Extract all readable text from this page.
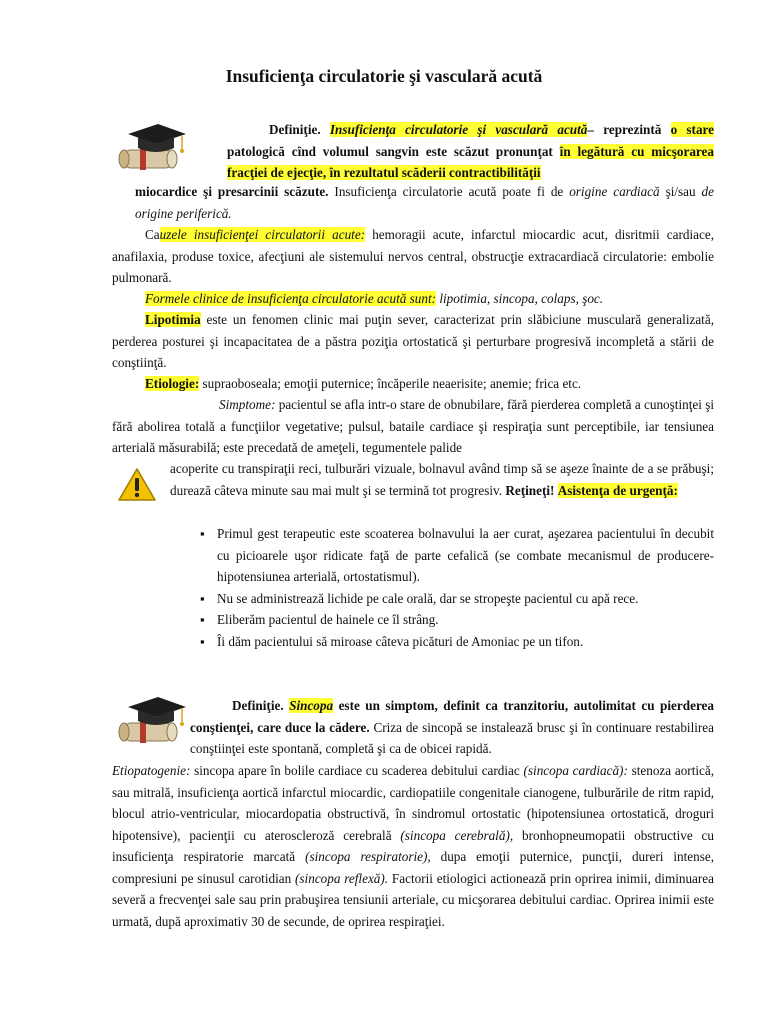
Insuficienţa circulatorie şi vasculară acută
Definiţie. Insuficienţa circulatorie şi vasculară acută– reprezintă o stare patologică cînd volumul sangvin este scăzut pronunţat în legătură cu micşorarea fracţiei de ejecţie, în rezultatul scăderii contractibilităţii
miocardice şi presarcinii scăzute. Insuficienţa circulatorie acută poate fi de origine cardiacă şi/sau de origine periferică.
Cauzele insuficienţei circulatorii acute: hemoragii acute, infarctul miocardic acut, disritmii cardiace, anafilaxia, produse toxice, afecţiuni ale sistemului nervos central, obstrucţie extracardiacă circulatorie: embolie pulmonară.
Formele clinice de insuficienţa circulatorie acută sunt: lipotimia, sincopa, colaps, şoc.
Lipotimia este un fenomen clinic mai puţin sever, caracterizat prin slăbiciune musculară generalizată, perderea posturei şi incapacitatea de a păstra poziţia ortostatică şi perturbare progresivă incompletă a stării de conştiinţă.
Etiologie: supraoboseala; emoţii puternice; încăperile neaerisite; anemie; frica etc.
Simptome: pacientul se afla intr-o stare de obnubilare, fără pierderea completă a cunoştinţei şi fără abolirea totală a funcţiilor vegetative; pulsul, bataile cardiace şi respiraţia sunt perceptibile, iar tensiunea arterială măsurabilă; este precedată de ameţeli, tegumentele palide
acoperite cu transpiraţii reci, tulburări vizuale, bolnavul având timp să se aşeze înainte de a se prăbuşi; durează câteva minute sau mai mult şi se termină tot progresiv. Reţineţi! Asistenţa de urgenţă:
▪ Primul gest terapeutic este scoaterea bolnavului la aer curat, aşezarea pacientului în decubit cu picioarele uşor ridicate faţă de parte cefalică (se combate mecanismul de producere- hipotensiunea arterială, ortostatismul).
▪ Nu se administrează lichide pe cale orală, dar se stropeşte pacientul cu apă rece.
▪ Eliberăm pacientul de hainele ce îl strâng.
▪ Îi dăm pacientului să miroase câteva picături de Amoniac pe un tifon.
Definiţie. Sincopa este un simptom, definit ca tranzitoriu, autolimitat cu pierderea conştienţei, care duce la cădere. Criza de sincopă se instalează brusc şi în continuare restabilirea conştiinţei este spontană, completă şi ca de obicei rapidă.
Etiopatogenie: sincopa apare în bolile cardiace cu scaderea debitului cardiac (sincopa cardiacă): stenoza aortică, sau mitrală, insuficienţa aortică infarctul miocardic, cardiopatiile congenitale cianogene, tulburările de ritm rapid, blocul atrio-ventricular, miocardopatia obstructivă, în sindromul ortostatic (hipotensiunea ortostatică, droguri hipotensive), pacienţii cu ateroscleroză cerebrală (sincopa cerebrală), bronhopneumopatii obstructive cu insuficienţa respiratorie marcată (sincopa respiratorie), dupa emoţii puternice, puncţii, dureri intense, compresiuni pe sinusul carotidian (sincopa reflexă). Factorii etiologici actionează prin oprirea inimii, diminuarea severă a frecvenţei sale sau prin prabuşirea tensiunii arteriale, cu micşorarea debitului cardiac. Oprirea inimii este urmată, după aproximativ 30 de secunde, de oprirea respiraţiei.
